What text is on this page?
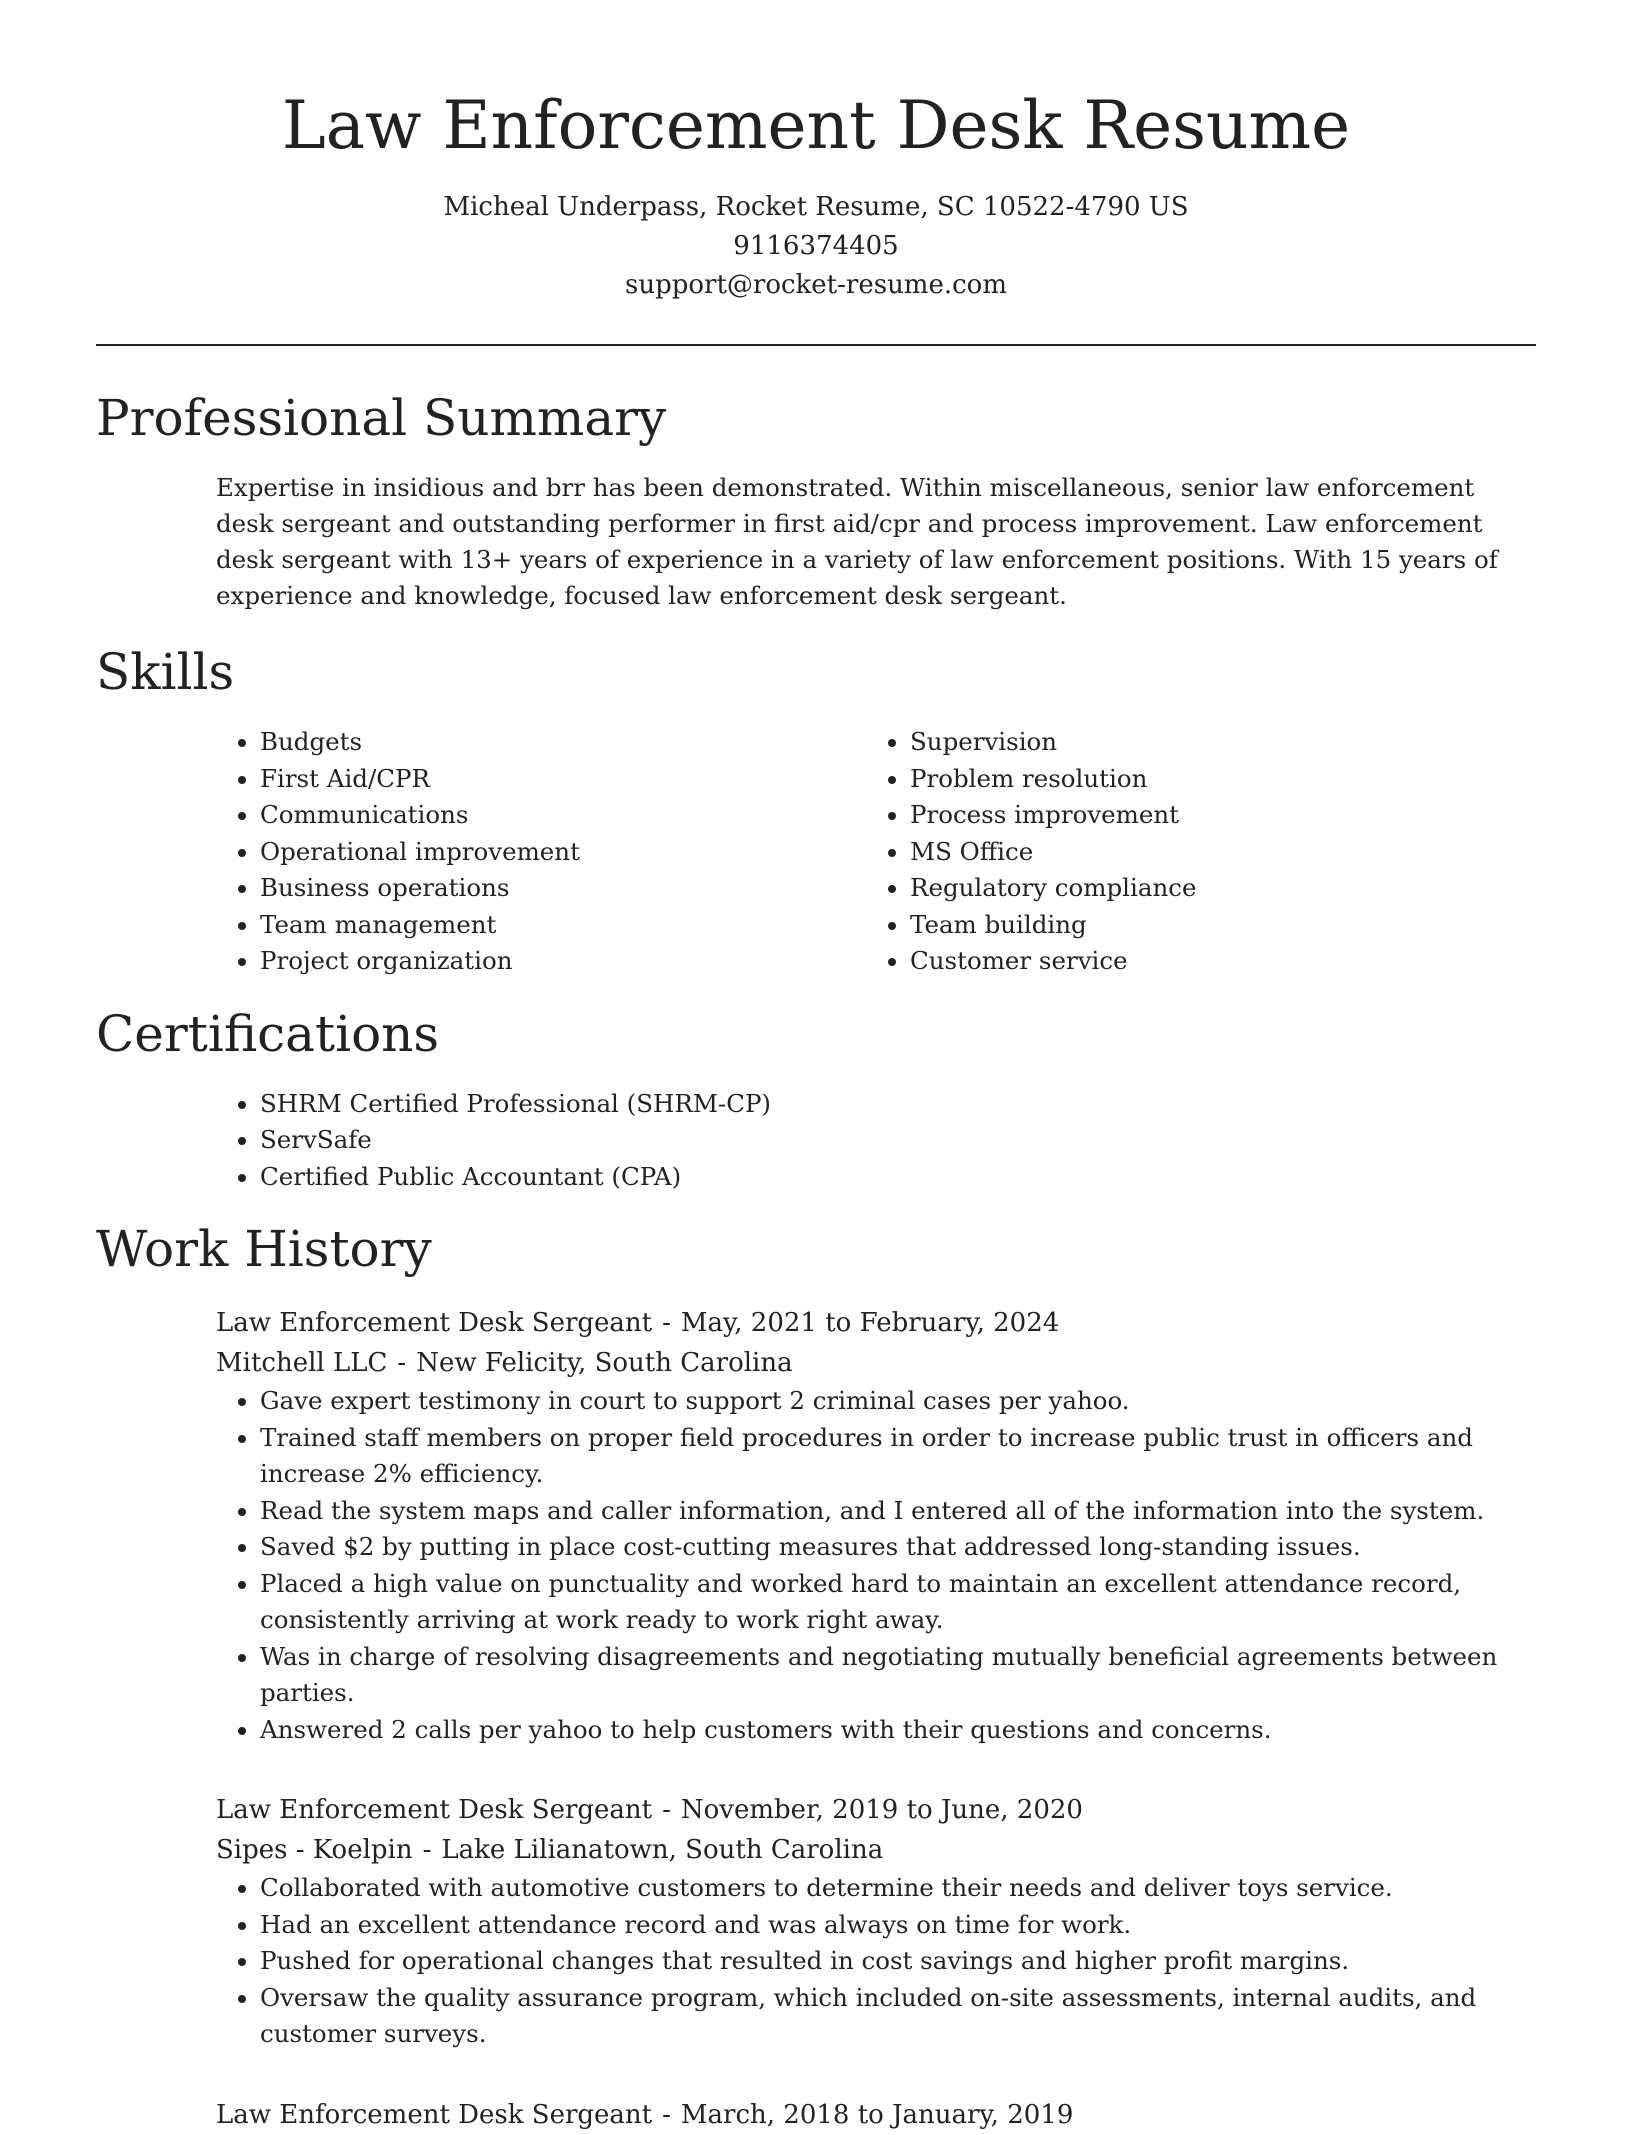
Law Enforcement Desk Resume
Micheal Underpass, Rocket Resume, SC 10522-4790 US
9116374405
support@rocket-resume.com
Professional Summary

Expertise in insidious and brr has been demonstrated. Within miscellaneous, senior law enforcement desk sergeant and outstanding performer in first aid/cpr and process improvement. Law enforcement desk sergeant with 13+ years of experience in a variety of law enforcement positions. With 15 years of experience and knowledge, focused law enforcement desk sergeant.

Skills
• Budgets
• First Aid/CPR
• Communications
• Operational improvement
• Business operations
• Team management
• Project organization
• Supervision
• Problem resolution
• Process improvement
• MS Office
• Regulatory compliance
• Team building
• Customer service
Certifications
• SHRM Certified Professional (SHRM-CP)
• ServSafe
• Certified Public Accountant (CPA)
Work History
Law Enforcement Desk Sergeant - May, 2021 to February, 2024
Mitchell LLC - New Felicity, South Carolina
• Gave expert testimony in court to support 2 criminal cases per yahoo.
• Trained staff members on proper field procedures in order to increase public trust in officers and increase 2% efficiency.
• Read the system maps and caller information, and I entered all of the information into the system.
• Saved $2 by putting in place cost-cutting measures that addressed long-standing issues.
• Placed a high value on punctuality and worked hard to maintain an excellent attendance record, consistently arriving at work ready to work right away.
• Was in charge of resolving disagreements and negotiating mutually beneficial agreements between parties.
• Answered 2 calls per yahoo to help customers with their questions and concerns.
Law Enforcement Desk Sergeant - November, 2019 to June, 2020
Sipes - Koelpin - Lake Lilianatown, South Carolina
• Collaborated with automotive customers to determine their needs and deliver toys service.
• Had an excellent attendance record and was always on time for work.
• Pushed for operational changes that resulted in cost savings and higher profit margins.
• Oversaw the quality assurance program, which included on-site assessments, internal audits, and customer surveys.
Law Enforcement Desk Sergeant - March, 2018 to January, 2019
